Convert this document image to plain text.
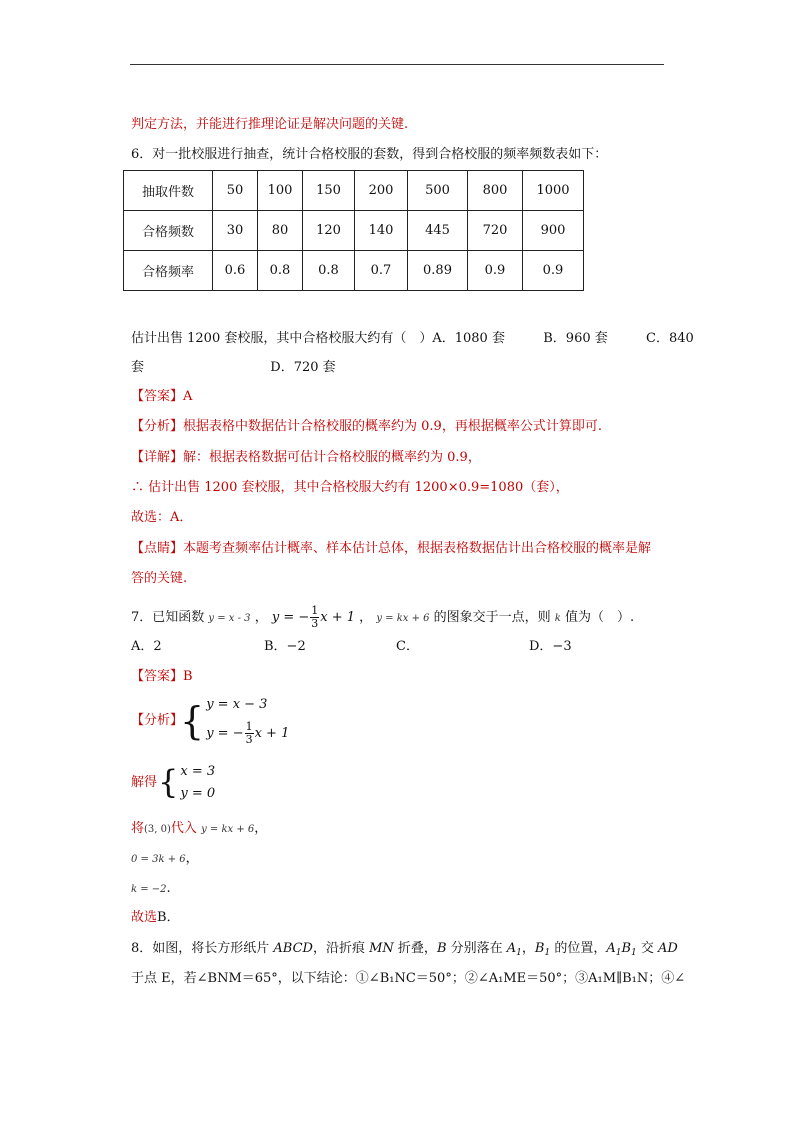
判定方法，并能进行推理论证是解决问题的关键.
6．对一批校服进行抽查，统计合格校服的套数，得到合格校服的频率频数表如下：
抽取件数	50	100	150	200	500	800	1000
合格频数	30	80	120	140	445	720	900
合格频率	0.6	0.8	0.8	0.7	0.89	0.9	0.9
估计出售 1200 套校服，其中合格校服大约有（　）A．1080 套	B．960 套	C．840
套	D．720 套
【答案】A
【分析】根据表格中数据估计合格校服的概率约为 0.9，再根据概率公式计算即可.
【详解】解：根据表格数据可估计合格校服的概率约为 0.9，
∴ 估计出售 1200 套校服，其中合格校服大约有 1200×0.9=1080（套），
故选：A．
【点睛】本题考查频率估计概率、样本估计总体，根据表格数据估计出合格校服的概率是解
答的关键.
7．已知函数 y = x - 3 ， y = − $\frac{1}{3}$ x + 1 ， y = kx + 6 的图象交于一点，则 k 值为（　）.
A．2	B．−2	C．	D．−3
【答案】B
【分析】
{ y = x − 3
y = − $\frac{1}{3}$ x + 1
解得 { x = 3
y = 0
将(3, 0)代入 y = kx + 6，
0 = 3k + 6，
k = −2.
故选B．
8．如图，将长方形纸片 ABCD，沿折痕 MN 折叠，B 分别落在 $A_1$，$B_1$ 的位置，$A_1B_1$ 交 AD
于点 E，若∠BNM＝65°，以下结论：①∠B₁NC＝50°；②∠A₁ME＝50°；③A₁M∥B₁N；④∠
